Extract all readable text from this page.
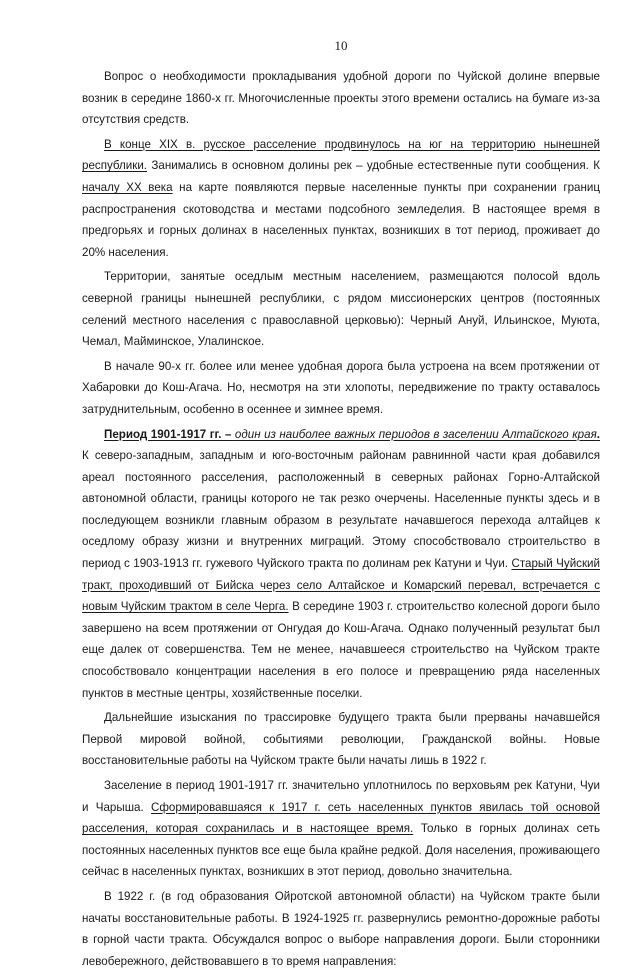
10

Вопрос о необходимости прокладывания удобной дороги по Чуйской долине впервые возник в середине 1860-х гг. Многочисленные проекты этого времени остались на бумаге из-за отсутствия средств.

В конце XIX в. русское расселение продвинулось на юг на территорию нынешней республики. Занимались в основном долины рек – удобные естественные пути сообщения. К началу XX века на карте появляются первые населенные пункты при сохранении границ распространения скотоводства и местами подсобного земледелия. В настоящее время в предгорьях и горных долинах в населенных пунктах, возникших в тот период, проживает до 20% населения.

Территории, занятые оседлым местным населением, размещаются полосой вдоль северной границы нынешней республики, с рядом миссионерских центров (постоянных селений местного населения с православной церковью): Черный Ануй, Ильинское, Муюта, Чемал, Майминское, Улалинское.

В начале 90-х гг. более или менее удобная дорога была устроена на всем протяжении от Хабаровки до Кош-Агача. Но, несмотря на эти хлопоты, передвижение по тракту оставалось затруднительным, особенно в осеннее и зимнее время.

Период 1901-1917 гг. – один из наиболее важных периодов в заселении Алтайского края. К северо-западным, западным и юго-восточным районам равнинной части края добавился ареал постоянного расселения, расположенный в северных районах Горно-Алтайской автономной области, границы которого не так резко очерчены. Населенные пункты здесь и в последующем возникли главным образом в результате начавшегося перехода алтайцев к оседлому образу жизни и внутренних миграций. Этому способствовало строительство в период с 1903-1913 гг. гужевого Чуйского тракта по долинам рек Катуни и Чуи. Старый Чуйский тракт, проходивший от Бийска через село Алтайское и Комарский перевал, встречается с новым Чуйским трактом в селе Черга. В середине 1903 г. строительство колесной дороги было завершено на всем протяжении от Онгудая до Кош-Агача. Однако полученный результат был еще далек от совершенства. Тем не менее, начавшееся строительство на Чуйском тракте способствовало концентрации населения в его полосе и превращению ряда населенных пунктов в местные центры, хозяйственные поселки.

Дальнейшие изыскания по трассировке будущего тракта были прерваны начавшейся Первой мировой войной, событиями революции, Гражданской войны. Новые восстановительные работы на Чуйском тракте были начаты лишь в 1922 г.

Заселение в период 1901-1917 гг. значительно уплотнилось по верховьям рек Катуни, Чуи и Чарыша. Сформировавшаяся к 1917 г. сеть населенных пунктов явилась той основой расселения, которая сохранилась и в настоящее время. Только в горных долинах сеть постоянных населенных пунктов все еще была крайне редкой. Доля населения, проживающего сейчас в населенных пунктах, возникших в этот период, довольно значительна.

В 1922 г. (в год образования Ойротской автономной области) на Чуйском тракте были начаты восстановительные работы. В 1924-1925 гг. развернулись ремонтно-дорожные работы в горной части тракта. Обсуждался вопрос о выборе направления дороги. Были сторонники левобережного, действовавшего в то время направления:
